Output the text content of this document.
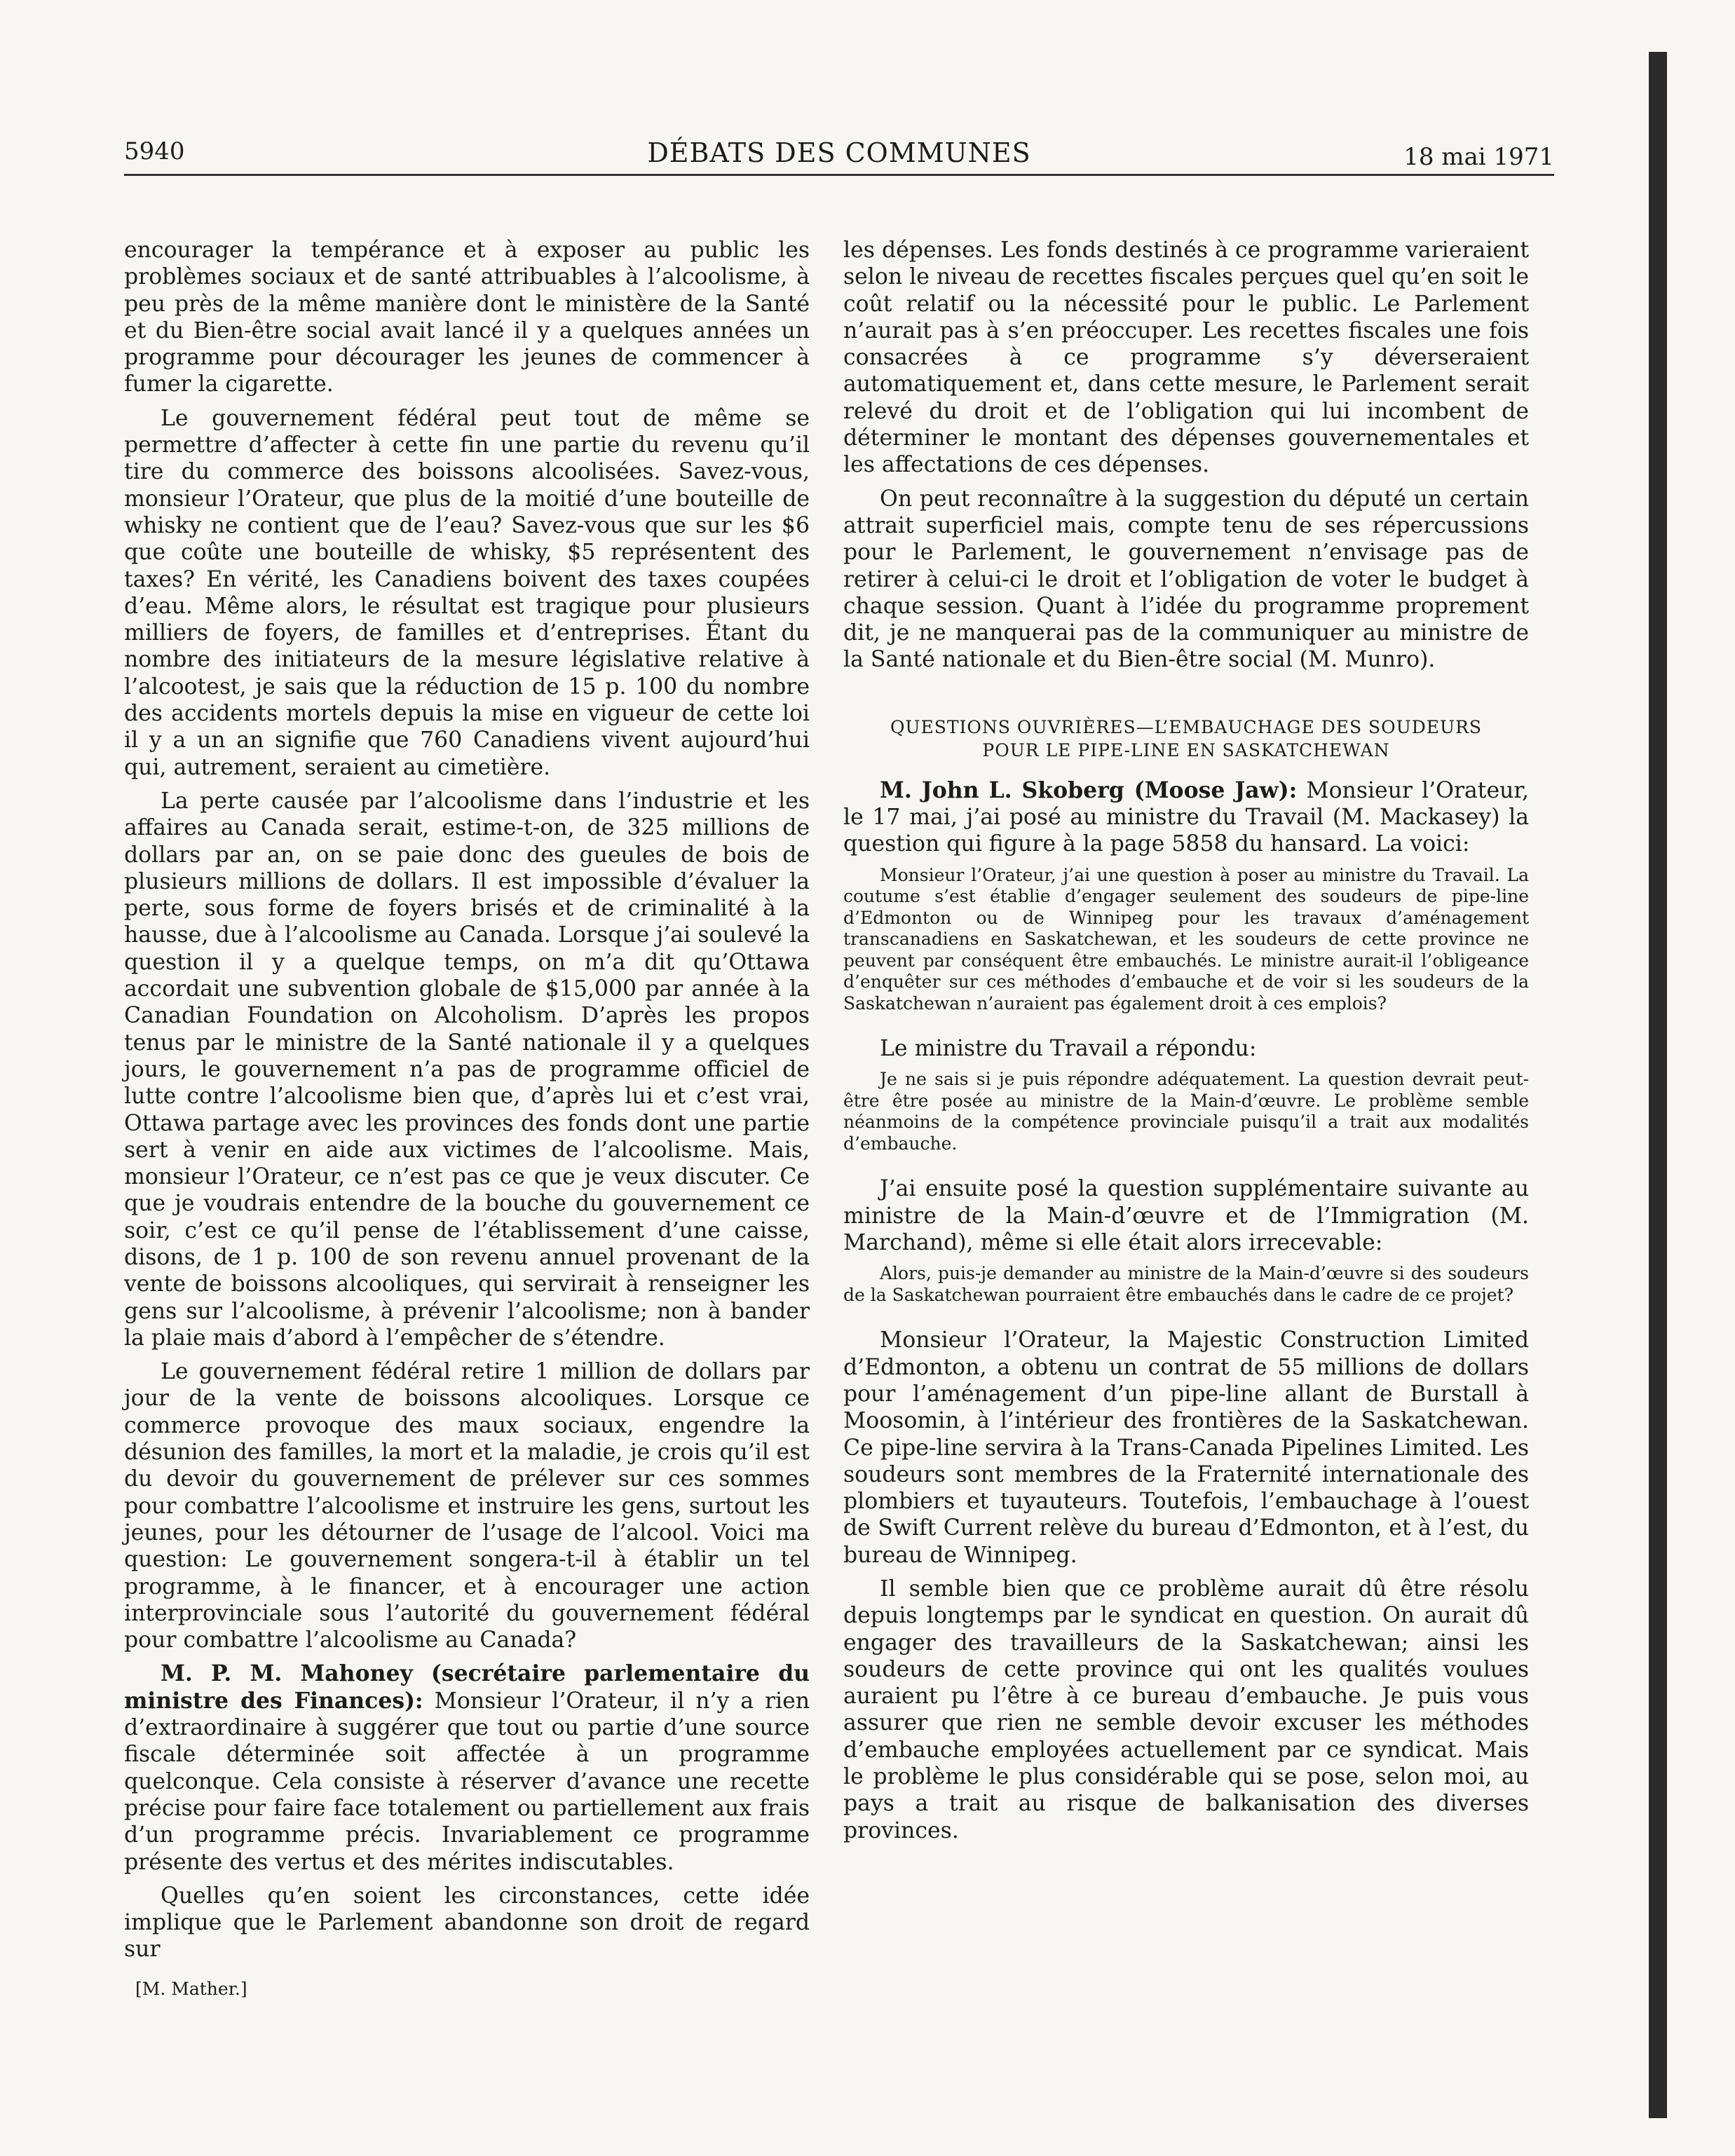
5940	DÉBATS DES COMMUNES	18 mai 1971

encourager la tempérance et à exposer au public les problèmes sociaux et de santé attribuables à l’alcoolisme, à peu près de la même manière dont le ministère de la Santé et du Bien-être social avait lancé il y a quelques années un programme pour décourager les jeunes de commencer à fumer la cigarette.

Le gouvernement fédéral peut tout de même se permettre d’affecter à cette fin une partie du revenu qu’il tire du commerce des boissons alcoolisées. Savez-vous, monsieur l’Orateur, que plus de la moitié d’une bouteille de whisky ne contient que de l’eau? Savez-vous que sur les $6 que coûte une bouteille de whisky, $5 représentent des taxes? En vérité, les Canadiens boivent des taxes coupées d’eau. Même alors, le résultat est tragique pour plusieurs milliers de foyers, de familles et d’entreprises. Étant du nombre des initiateurs de la mesure législative relative à l’alcootest, je sais que la réduction de 15 p. 100 du nombre des accidents mortels depuis la mise en vigueur de cette loi il y a un an signifie que 760 Canadiens vivent aujourd’hui qui, autrement, seraient au cimetière.

La perte causée par l’alcoolisme dans l’industrie et les affaires au Canada serait, estime-t-on, de 325 millions de dollars par an, on se paie donc des gueules de bois de plusieurs millions de dollars. Il est impossible d’évaluer la perte, sous forme de foyers brisés et de criminalité à la hausse, due à l’alcoolisme au Canada. Lorsque j’ai soulevé la question il y a quelque temps, on m’a dit qu’Ottawa accordait une subvention globale de $15,000 par année à la Canadian Foundation on Alcoholism. D’après les propos tenus par le ministre de la Santé nationale il y a quelques jours, le gouvernement n’a pas de programme officiel de lutte contre l’alcoolisme bien que, d’après lui et c’est vrai, Ottawa partage avec les provinces des fonds dont une partie sert à venir en aide aux victimes de l’alcoolisme. Mais, monsieur l’Orateur, ce n’est pas ce que je veux discuter. Ce que je voudrais entendre de la bouche du gouvernement ce soir, c’est ce qu’il pense de l’établissement d’une caisse, disons, de 1 p. 100 de son revenu annuel provenant de la vente de boissons alcooliques, qui servirait à renseigner les gens sur l’alcoolisme, à prévenir l’alcoolisme; non à bander la plaie mais d’abord à l’empêcher de s’étendre.

Le gouvernement fédéral retire 1 million de dollars par jour de la vente de boissons alcooliques. Lorsque ce commerce provoque des maux sociaux, engendre la désunion des familles, la mort et la maladie, je crois qu’il est du devoir du gouvernement de prélever sur ces sommes pour combattre l’alcoolisme et instruire les gens, surtout les jeunes, pour les détourner de l’usage de l’alcool. Voici ma question: Le gouvernement songera-t-il à établir un tel programme, à le financer, et à encourager une action interprovinciale sous l’autorité du gouvernement fédéral pour combattre l’alcoolisme au Canada?

M. P. M. Mahoney (secrétaire parlementaire du ministre des Finances): Monsieur l’Orateur, il n’y a rien d’extraordinaire à suggérer que tout ou partie d’une source fiscale déterminée soit affectée à un programme quelconque. Cela consiste à réserver d’avance une recette précise pour faire face totalement ou partiellement aux frais d’un programme précis. Invariablement ce programme présente des vertus et des mérites indiscutables.

Quelles qu’en soient les circonstances, cette idée implique que le Parlement abandonne son droit de regard sur

[M. Mather.]

les dépenses. Les fonds destinés à ce programme varieraient selon le niveau de recettes fiscales perçues quel qu’en soit le coût relatif ou la nécessité pour le public. Le Parlement n’aurait pas à s’en préoccuper. Les recettes fiscales une fois consacrées à ce programme s’y déverseraient automatiquement et, dans cette mesure, le Parlement serait relevé du droit et de l’obligation qui lui incombent de déterminer le montant des dépenses gouvernementales et les affectations de ces dépenses.

On peut reconnaître à la suggestion du député un certain attrait superficiel mais, compte tenu de ses répercussions pour le Parlement, le gouvernement n’envisage pas de retirer à celui-ci le droit et l’obligation de voter le budget à chaque session. Quant à l’idée du programme proprement dit, je ne manquerai pas de la communiquer au ministre de la Santé nationale et du Bien-être social (M. Munro).

QUESTIONS OUVRIÈRES—L’EMBAUCHAGE DES SOUDEURS
POUR LE PIPE-LINE EN SASKATCHEWAN

M. John L. Skoberg (Moose Jaw): Monsieur l’Orateur, le 17 mai, j’ai posé au ministre du Travail (M. Mackasey) la question qui figure à la page 5858 du hansard. La voici:

Monsieur l’Orateur, j’ai une question à poser au ministre du Travail. La coutume s’est établie d’engager seulement des soudeurs de pipe-line d’Edmonton ou de Winnipeg pour les travaux d’aménagement transcanadiens en Saskatchewan, et les soudeurs de cette province ne peuvent par conséquent être embauchés. Le ministre aurait-il l’obligeance d’enquêter sur ces méthodes d’embauche et de voir si les soudeurs de la Saskatchewan n’auraient pas également droit à ces emplois?

Le ministre du Travail a répondu:

Je ne sais si je puis répondre adéquatement. La question devrait peut-être être posée au ministre de la Main-d’œuvre. Le problème semble néanmoins de la compétence provinciale puisqu’il a trait aux modalités d’embauche.

J’ai ensuite posé la question supplémentaire suivante au ministre de la Main-d’œuvre et de l’Immigration (M. Marchand), même si elle était alors irrecevable:

Alors, puis-je demander au ministre de la Main-d’œuvre si des soudeurs de la Saskatchewan pourraient être embauchés dans le cadre de ce projet?

Monsieur l’Orateur, la Majestic Construction Limited d’Edmonton, a obtenu un contrat de 55 millions de dollars pour l’aménagement d’un pipe-line allant de Burstall à Moosomin, à l’intérieur des frontières de la Saskatchewan. Ce pipe-line servira à la Trans-Canada Pipelines Limited. Les soudeurs sont membres de la Fraternité internationale des plombiers et tuyauteurs. Toutefois, l’embauchage à l’ouest de Swift Current relève du bureau d’Edmonton, et à l’est, du bureau de Winnipeg.

Il semble bien que ce problème aurait dû être résolu depuis longtemps par le syndicat en question. On aurait dû engager des travailleurs de la Saskatchewan; ainsi les soudeurs de cette province qui ont les qualités voulues auraient pu l’être à ce bureau d’embauche. Je puis vous assurer que rien ne semble devoir excuser les méthodes d’embauche employées actuellement par ce syndicat. Mais le problème le plus considérable qui se pose, selon moi, au pays a trait au risque de balkanisation des diverses provinces.
